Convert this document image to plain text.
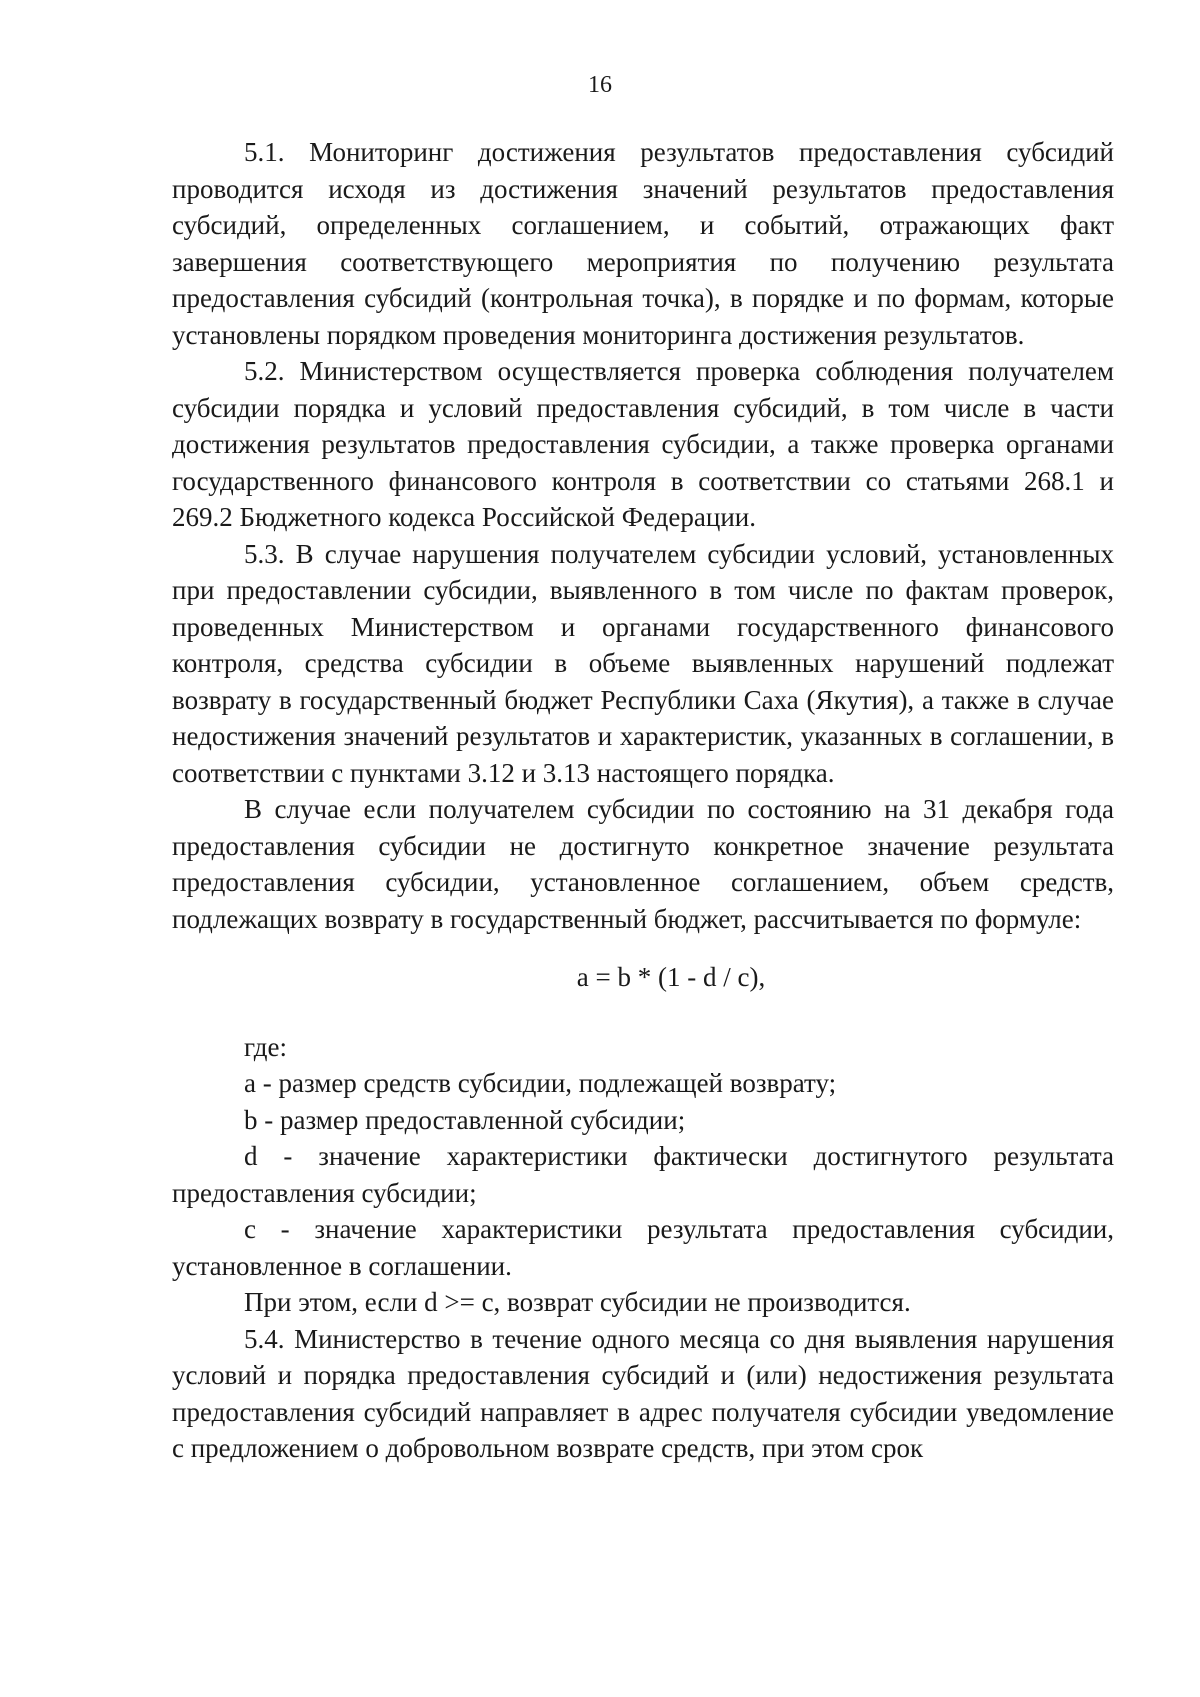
16

5.1. Мониторинг достижения результатов предоставления субсидий проводится исходя из достижения значений результатов предоставления субсидий, определенных соглашением, и событий, отражающих факт завершения соответствующего мероприятия по получению результата предоставления субсидий (контрольная точка), в порядке и по формам, которые установлены порядком проведения мониторинга достижения результатов.

5.2. Министерством осуществляется проверка соблюдения получателем субсидии порядка и условий предоставления субсидий, в том числе в части достижения результатов предоставления субсидии, а также проверка органами государственного финансового контроля в соответствии со статьями 268.1 и 269.2 Бюджетного кодекса Российской Федерации.

5.3. В случае нарушения получателем субсидии условий, установленных при предоставлении субсидии, выявленного в том числе по фактам проверок, проведенных Министерством и органами государственного финансового контроля, средства субсидии в объеме выявленных нарушений подлежат возврату в государственный бюджет Республики Саха (Якутия), а также в случае недостижения значений результатов и характеристик, указанных в соглашении, в соответствии с пунктами 3.12 и 3.13 настоящего порядка.

В случае если получателем субсидии по состоянию на 31 декабря года предоставления субсидии не достигнуто конкретное значение результата предоставления субсидии, установленное соглашением, объем средств, подлежащих возврату в государственный бюджет, рассчитывается по формуле:

a = b * (1 - d / c),

где:

a - размер средств субсидии, подлежащей возврату;

b - размер предоставленной субсидии;

d - значение характеристики фактически достигнутого результата предоставления субсидии;

c - значение характеристики результата предоставления субсидии, установленное в соглашении.

При этом, если d >= c, возврат субсидии не производится.

5.4. Министерство в течение одного месяца со дня выявления нарушения условий и порядка предоставления субсидий и (или) недостижения результата предоставления субсидий направляет в адрес получателя субсидии уведомление с предложением о добровольном возврате средств, при этом срок
